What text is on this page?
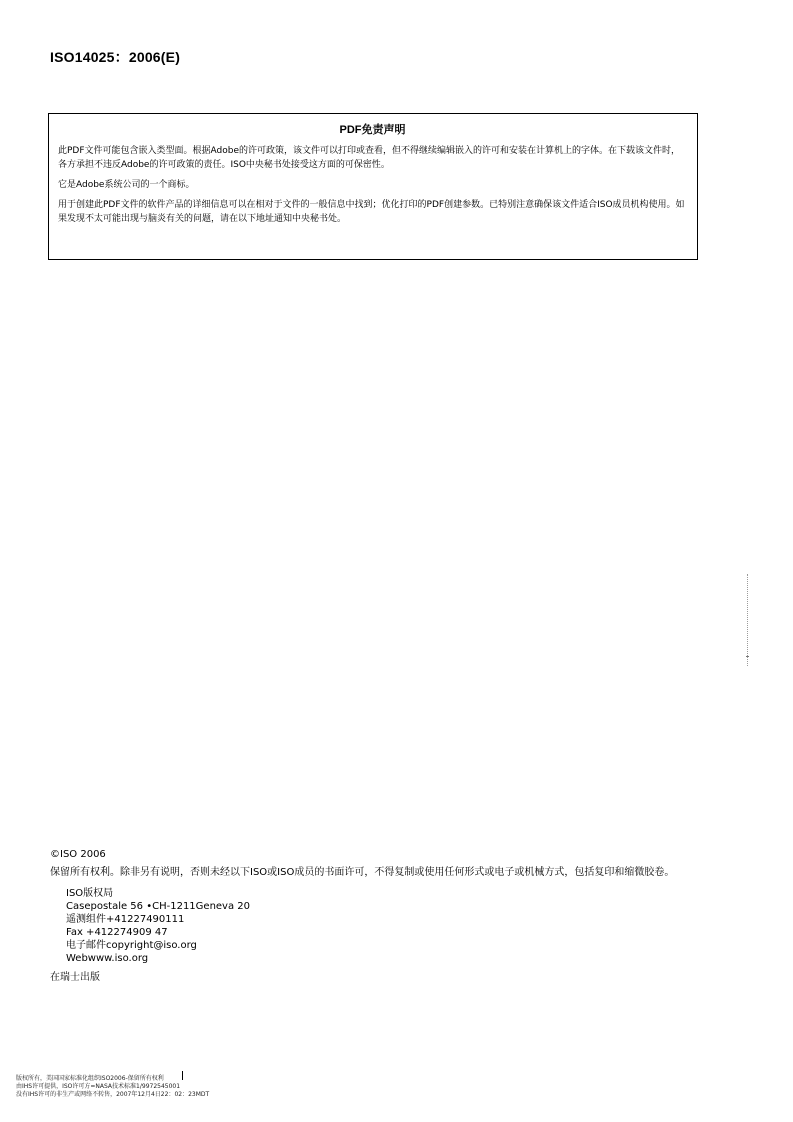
ISO14025：2006(E)
PDF免责声明

此PDF文件可能包含嵌入类型面。根据Adobe的许可政策，该文件可以打印或查看，但不得继续编辑嵌入的许可和安装在计算机上的字体。在下载该文件时，各方承担不违反Adobe的许可政策的责任。ISO中央秘书处接受这方面的可保密性。

它是Adobe系统公司的一个商标。

用于创建此PDF文件的软件产品的详细信息可以在相对于文件的一般信息中找到；优化打印的PDF创建参数。已特别注意确保该文件适合ISO成员机构使用。如果发现不太可能出现与脑炎有关的问题，请在以下地址通知中央秘书处。

©ISO 2006

保留所有权利。除非另有说明，否则未经以下ISO或ISO成员的书面许可，不得复制或使用任何形式或电子或机械方式，包括复印和缩微胶卷。

ISO版权局

Casepostale 56 •CH-1211Geneva 20

遥测组件+41227490111

Fax +412274909 47

电子邮件copyright@iso.org

Webwww.iso.org

在瑞士出版

版权所有，美国国家标准化组织ISO2006-保留所有权利

由IHS许可提供，ISO许可方=NASA技术标准1/9972545001

没有IHS许可的非生产或网络不转售，2007年12月4日22：02：23MDT
